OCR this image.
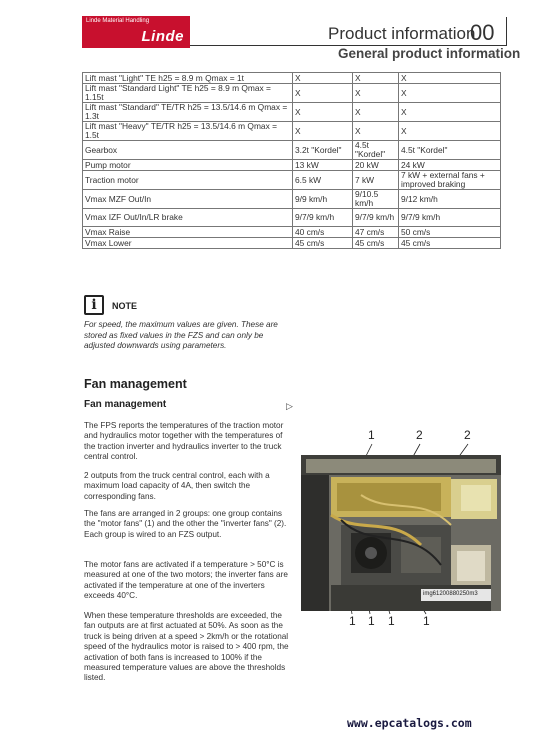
Linde Material Handling
Linde	Product information
00
General product information
Lift mast "Light" TE h25 = 8.9 m Qmax = 1t	X	X	X
Lift mast "Standard Light" TE h25 = 8.9 m Qmax = 1.15t	X	X	X
Lift mast "Standard" TE/TR h25 = 13.5/14.6 m Qmax = 1.3t	X	X	X
Lift mast "Heavy" TE/TR h25 = 13.5/14.6 m Qmax = 1.5t	X	X	X
Gearbox	3.2t "Kordel"	4.5t "Kordel"	4.5t "Kordel"
Pump motor	13 kW	20 kW	24 kW
Traction motor	6.5 kW	7 kW	7 kW + external fans + improved braking
Vmax MZF Out/In	9/9 km/h	9/10.5 km/h	9/12 km/h
Vmax IZF Out/In/LR brake	9/7/9 km/h	9/7/9 km/h	9/7/9 km/h
Vmax Raise	40 cm/s	47 cm/s	50 cm/s
Vmax Lower	45 cm/s	45 cm/s	45 cm/s
i	NOTE
For speed, the maximum values are given. These are stored as fixed values in the FZS and can only be adjusted downwards using parameters.
Fan management
Fan management	▷

The FPS reports the temperatures of the traction motor and hydraulics motor together with the temperatures of the traction inverter and hydraulics inverter to the truck central control.

2 outputs from the truck central control, each with a maximum load capacity of 4A, then switch the corresponding fans.

The fans are arranged in 2 groups: one group contains the "motor fans" (1) and the other the "inverter fans" (2). Each group is wired to an FZS output.

The motor fans are activated if a temperature > 50°C is measured at one of the two motors; the inverter fans are activated if the temperature at one of the inverters exceeds 40°C.

When these temperature thresholds are exceeded, the fan outputs are at first actuated at 50%. As soon as the truck is being driven at a speed > 2km/h or the rotational speed of the hydraulics motor is raised to > 400 rpm, the activation of both fans is increased to 100% if the measured temperature values are above the thresholds listed.

1	2	2
img61200880250m3
1 1 1 1
www.epcatalogs.com
